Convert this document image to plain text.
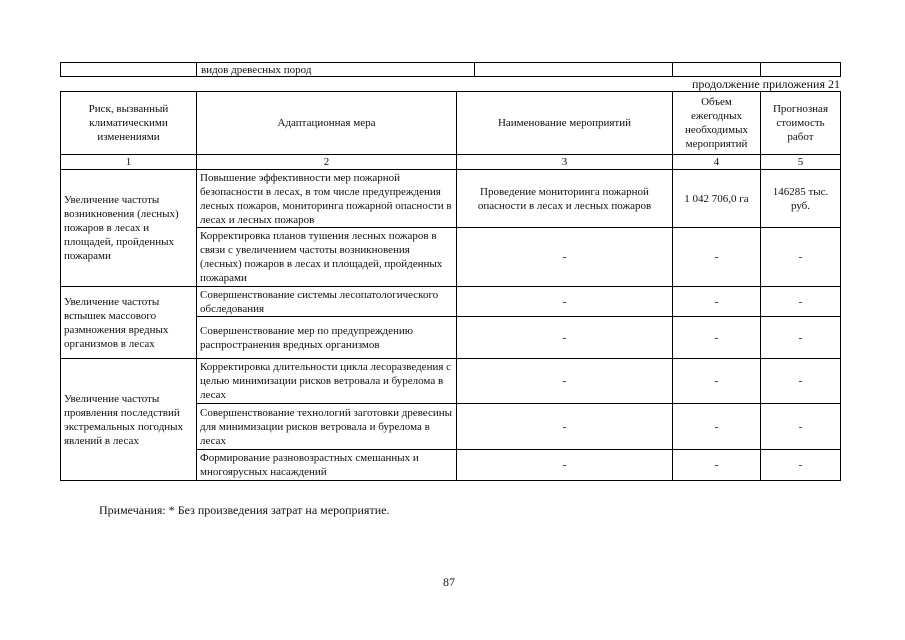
	видов древесных пород			
продолжение приложения 21
Риск, вызванный климатическими изменениями	Адаптационная мера	Наименование мероприятий	Объем ежегодных необходимых мероприятий	Прогнозная стоимость работ
1	2	3	4	5
Увеличение частоты возникновения (лесных) пожаров в лесах и площадей, пройденных пожарами	Повышение эффективности мер пожарной безопасности в лесах, в том числе предупреждения лесных пожаров, мониторинга пожарной опасности в лесах и лесных пожаров	Проведение мониторинга пожарной опасности в лесах и лесных пожаров	1 042 706,0 га	146285 тыс. руб.
	Корректировка планов тушения лесных пожаров в связи с увеличением частоты возникновения (лесных) пожаров в лесах и площадей, пройденных пожарами	-	-	-
Увеличение частоты вспышек массового размножения вредных организмов в лесах	Совершенствование системы лесопатологического обследования	-	-	-
	Совершенствование мер по предупреждению распространения вредных организмов	-	-	-
Увеличение частоты проявления последствий экстремальных погодных явлений в лесах	Корректировка длительности цикла лесоразведения с целью минимизации рисков ветровала и бурелома в лесах	-	-	-
	Совершенствование технологий заготовки древесины для минимизации рисков ветровала и бурелома в лесах	-	-	-
	Формирование разновозрастных смешанных и многоярусных насаждений	-	-	-
Примечания: * Без произведения затрат на мероприятие.
87
